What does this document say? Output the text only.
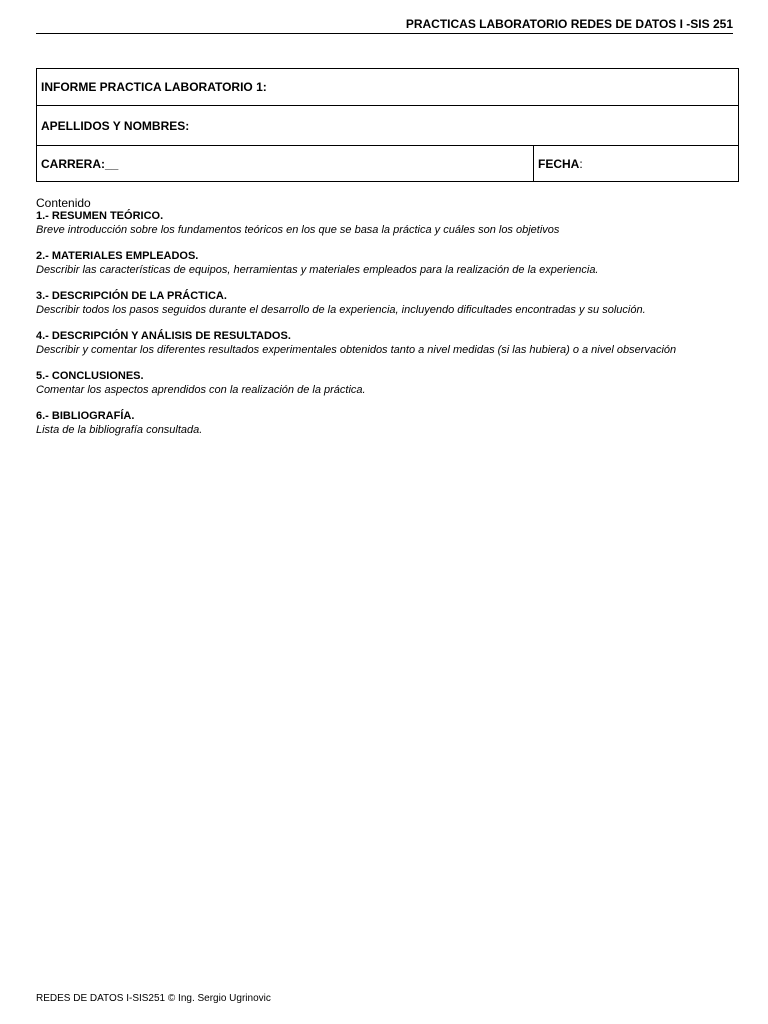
PRACTICAS LABORATORIO REDES DE DATOS I -SIS 251
INFORME PRACTICA LABORATORIO 1:
APELLIDOS Y NOMBRES:
CARRERA:__	FECHA:
Contenido
1.- RESUMEN TEÓRICO.
Breve introducción sobre los fundamentos teóricos en los que se basa la práctica y cuáles son los objetivos
2.- MATERIALES EMPLEADOS.
Describir las características de equipos, herramientas y materiales empleados para la realización de la experiencia.
3.- DESCRIPCIÓN DE LA PRÁCTICA.
Describir todos los pasos seguidos durante el desarrollo de la experiencia, incluyendo dificultades encontradas y su solución.
4.- DESCRIPCIÓN Y ANÁLISIS DE RESULTADOS.
Describir y comentar los diferentes resultados experimentales obtenidos tanto a nivel medidas (si las hubiera) o a nivel observación
5.- CONCLUSIONES.
Comentar los aspectos aprendidos con la realización de la práctica.
6.- BIBLIOGRAFÍA.
Lista de la bibliografía consultada.
REDES DE DATOS I-SIS251 © Ing. Sergio Ugrinovic
